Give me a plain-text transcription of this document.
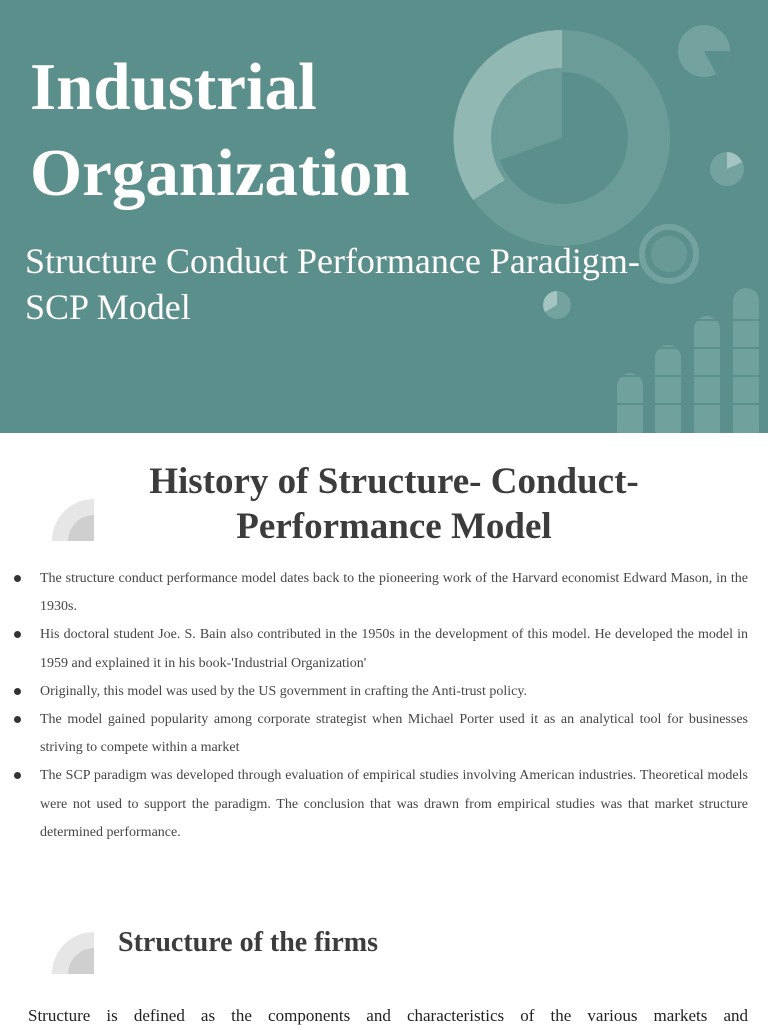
Industrial
Organization

Structure Conduct Performance Paradigm-
SCP Model

History of Structure- Conduct-
Performance Model
The structure conduct performance model dates back to the pioneering work of the Harvard economist Edward Mason, in the 1930s.
His doctoral student Joe. S. Bain also contributed in the 1950s in the development of this model. He developed the model in 1959 and explained it in his book-'Industrial Organization'
Originally, this model was used by the US government in crafting the Anti-trust policy.
The model gained popularity among corporate strategist when Michael Porter used it as an analytical tool for businesses striving to compete within a market
The SCP paradigm was developed through evaluation of empirical studies involving American industries. Theoretical models were not used to support the paradigm. The conclusion that was drawn from empirical studies was that market structure determined performance.
Structure of the firms

Structure is defined as the components and characteristics of the various markets and
